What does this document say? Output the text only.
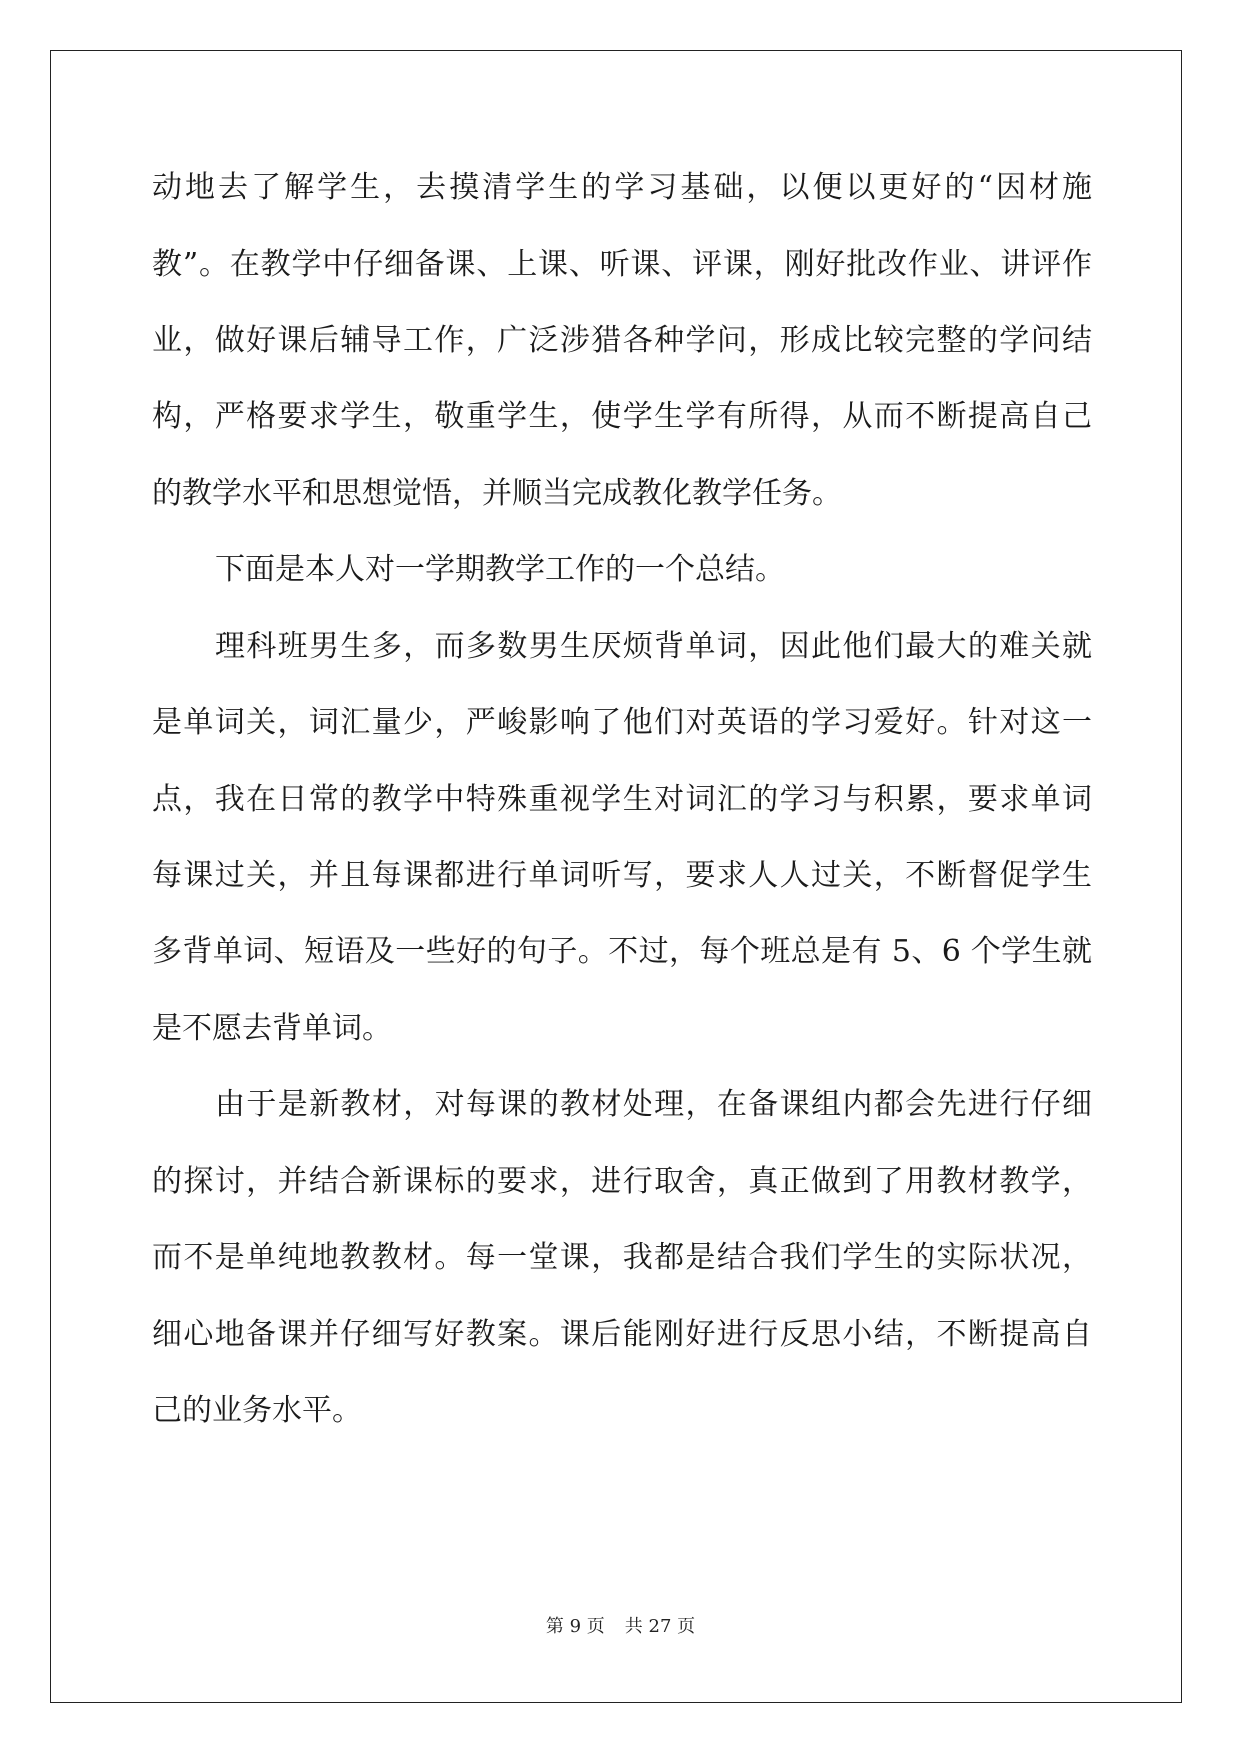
动地去了解学生，去摸清学生的学习基础，以便以更好的“因材施
教”。在教学中仔细备课、上课、听课、评课，刚好批改作业、讲评作
业，做好课后辅导工作，广泛涉猎各种学问，形成比较完整的学问结
构，严格要求学生，敬重学生，使学生学有所得，从而不断提高自己
的教学水平和思想觉悟，并顺当完成教化教学任务。
下面是本人对一学期教学工作的一个总结。
理科班男生多，而多数男生厌烦背单词，因此他们最大的难关就
是单词关，词汇量少，严峻影响了他们对英语的学习爱好。针对这一
点，我在日常的教学中特殊重视学生对词汇的学习与积累，要求单词
每课过关，并且每课都进行单词听写，要求人人过关，不断督促学生
多背单词、短语及一些好的句子。不过，每个班总是有 5、6 个学生就
是不愿去背单词。
由于是新教材，对每课的教材处理，在备课组内都会先进行仔细
的探讨，并结合新课标的要求，进行取舍，真正做到了用教材教学，
而不是单纯地教教材。每一堂课，我都是结合我们学生的实际状况，
细心地备课并仔细写好教案。课后能刚好进行反思小结，不断提高自
己的业务水平。
第 9 页 共 27 页
